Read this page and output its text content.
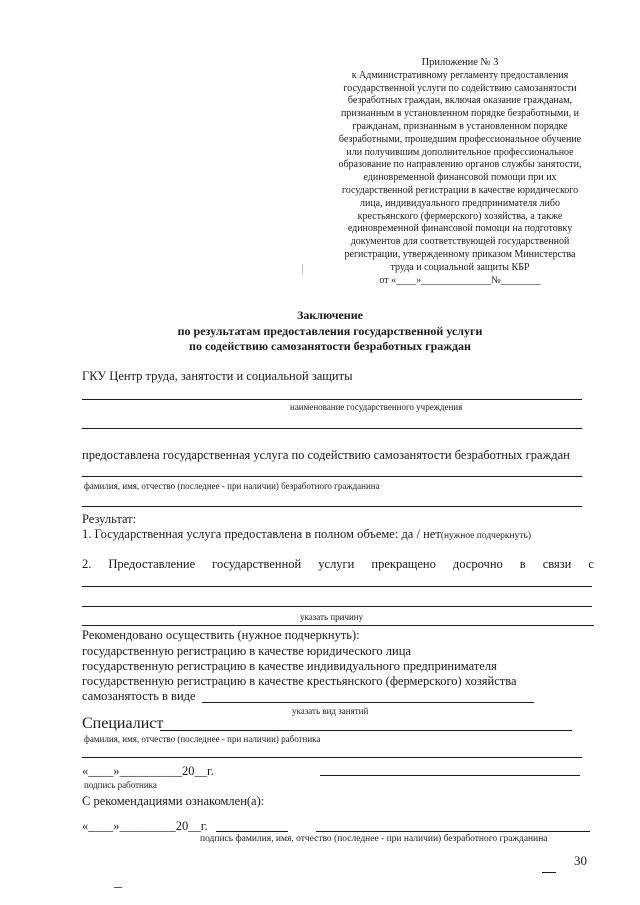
Приложение № 3
к Административному регламенту предоставления
государственной услуги по содействию самозанятости
безработных граждан, включая оказание гражданам,
признанным в установленном порядке безработными, и
гражданам, признанным в установленном порядке
безработными, прошедшим профессиональное обучение
или получившим дополнительное профессиональное
образование по направлению органов службы занятости,
единовременной финансовой помощи при их
государственной регистрации в качестве юридического
лица, индивидуального предпринимателя либо
крестьянского (фермерского) хозяйства, а также
единовременной финансовой помощи на подготовку
документов для соответствующей государственной
регистрации, утвержденному приказом Министерства
труда и социальной защиты КБР
от «____»______________№________
Заключение
по результатам предоставления государственной услуги
по содействию самозанятости безработных граждан
ГКУ Центр труда, занятости и социальной защиты
наименование государственного учреждения
предоставлена государственная услуга по содействию самозанятости безработных граждан
фамилия, имя, отчество (последнее - при наличии) безработного гражданина
Результат:
1. Государственная услуга предоставлена в полном объеме: да / нет(нужное подчеркнуть)
2. Предоставление государственной услуги прекращено досрочно в связи с
указать причину
Рекомендовано осуществить (нужное подчеркнуть):
государственную регистрацию в качестве юридического лица
государственную регистрацию в качестве индивидуального предпринимателя
государственную регистрацию в качестве крестьянского (фермерского) хозяйства
самозанятость в виде
указать вид занятий
Специалист
фамилия, имя, отчество (последнее - при наличии) работника
«____»__________20__г.
подпись работника
С рекомендациями ознакомлен(а):
«____»_________20__г.
подпись фамилия, имя, отчество (последнее - при наличии) безработного гражданина
30
